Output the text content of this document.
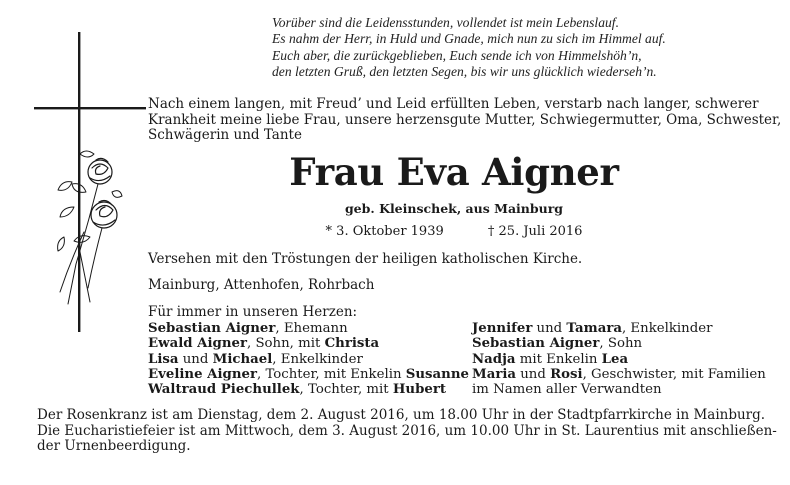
Vorüber sind die Leidensstunden, vollendet ist mein Lebenslauf.
Es nahm der Herr, in Huld und Gnade, mich nun zu sich im Himmel auf.
Euch aber, die zurückgeblieben, Euch sende ich von Himmelshöh’n,
den letzten Gruß, den letzten Segen, bis wir uns glücklich wiederseh’n.
Nach einem langen, mit Freud’ und Leid erfüllten Leben, verstarb nach langer, schwerer
Krankheit meine liebe Frau, unsere herzensgute Mutter, Schwiegermutter, Oma, Schwester,
Schwägerin und Tante
Frau Eva Aigner
geb. Kleinschek, aus Mainburg
* 3. Oktober 1939	† 25. Juli 2016
Versehen mit den Tröstungen der heiligen katholischen Kirche.
Mainburg, Attenhofen, Rohrbach
Für immer in unseren Herzen:
Sebastian Aigner, Ehemann
Ewald Aigner, Sohn, mit Christa
Lisa und Michael, Enkelkinder
Eveline Aigner, Tochter, mit Enkelin Susanne
Waltraud Piechullek, Tochter, mit Hubert
Jennifer und Tamara, Enkelkinder
Sebastian Aigner, Sohn
Nadja mit Enkelin Lea
Maria und Rosi, Geschwister, mit Familien
im Namen aller Verwandten
Der Rosenkranz ist am Dienstag, dem 2. August 2016, um 18.00 Uhr in der Stadtpfarrkirche in Mainburg.
Die Eucharistiefeier ist am Mittwoch, dem 3. August 2016, um 10.00 Uhr in St. Laurentius mit anschließen-
der Urnenbeerdigung.
